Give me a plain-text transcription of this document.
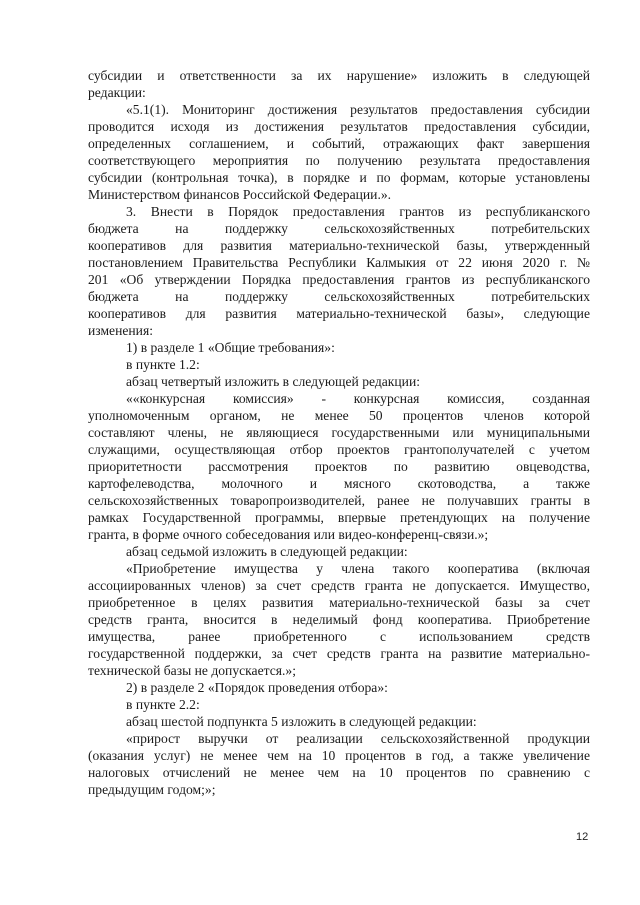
субсидии и ответственности за их нарушение» изложить в следующей
редакции:
«5.1(1). Мониторинг достижения результатов предоставления субсидии
проводится исходя из достижения результатов предоставления субсидии,
определенных соглашением, и событий, отражающих факт завершения
соответствующего мероприятия по получению результата предоставления
субсидии (контрольная точка), в порядке и по формам, которые установлены
Министерством финансов Российской Федерации.».
3. Внести в Порядок предоставления грантов из республиканского
бюджета на поддержку сельскохозяйственных потребительских
кооперативов для развития материально-технической базы, утвержденный
постановлением Правительства Республики Калмыкия от 22 июня 2020 г. №
201 «Об утверждении Порядка предоставления грантов из республиканского
бюджета на поддержку сельскохозяйственных потребительских
кооперативов для развития материально-технической базы», следующие
изменения:
1) в разделе 1 «Общие требования»:
в пункте 1.2:
абзац четвертый изложить в следующей редакции:
««конкурсная комиссия» - конкурсная комиссия, созданная
уполномоченным органом, не менее 50 процентов членов которой
составляют члены, не являющиеся государственными или муниципальными
служащими, осуществляющая отбор проектов грантополучателей с учетом
приоритетности рассмотрения проектов по развитию овцеводства,
картофелеводства, молочного и мясного скотоводства, а также
сельскохозяйственных товаропроизводителей, ранее не получавших гранты в
рамках Государственной программы, впервые претендующих на получение
гранта, в форме очного собеседования или видео-конференц-связи.»;
абзац седьмой изложить в следующей редакции:
«Приобретение имущества у члена такого кооператива (включая
ассоциированных членов) за счет средств гранта не допускается. Имущество,
приобретенное в целях развития материально-технической базы за счет
средств гранта, вносится в неделимый фонд кооператива. Приобретение
имущества, ранее приобретенного с использованием средств
государственной поддержки, за счет средств гранта на развитие материально-
технической базы не допускается.»;
2) в разделе 2 «Порядок проведения отбора»:
в пункте 2.2:
абзац шестой подпункта 5 изложить в следующей редакции:
«прирост выручки от реализации сельскохозяйственной продукции
(оказания услуг) не менее чем на 10 процентов в год, а также увеличение
налоговых отчислений не менее чем на 10 процентов по сравнению с
предыдущим годом;»;
12
